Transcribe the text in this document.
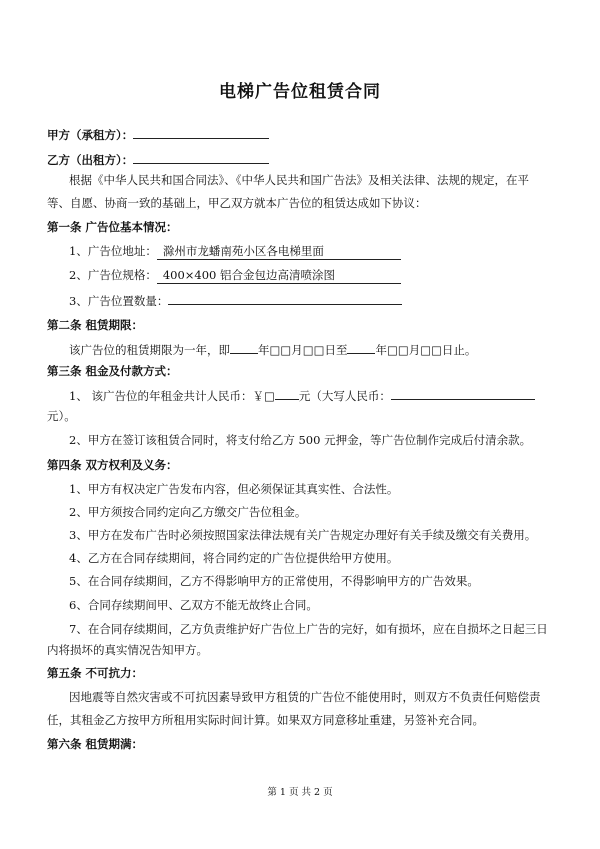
电梯广告位租赁合同
甲方（承租方）：
乙方（出租方）：
根据《中华人民共和国合同法》、《中华人民共和国广告法》及相关法律、法规的规定，在平
等、自愿、协商一致的基础上，甲乙双方就本广告位的租赁达成如下协议：
第一条 广告位基本情况：
1、广告位地址： 滁州市龙蟠南苑小区各电梯里面
2、广告位规格： 400×400 铝合金包边高清喷涂图
3、广告位置数量：
第二条 租赁期限：
该广告位的租赁期限为一年，即 年□□月□□日至 年□□月□□日止。
第三条 租金及付款方式：
1、 该广告位的年租金共计人民币：￥□ 元（大写人民币：
元）。
2、甲方在签订该租赁合同时，将支付给乙方 500 元押金，等广告位制作完成后付清余款。
第四条 双方权利及义务：
1、甲方有权决定广告发布内容，但必须保证其真实性、合法性。
2、甲方须按合同约定向乙方缴交广告位租金。
3、甲方在发布广告时必须按照国家法律法规有关广告规定办理好有关手续及缴交有关费用。
4、乙方在合同存续期间，将合同约定的广告位提供给甲方使用。
5、在合同存续期间，乙方不得影响甲方的正常使用，不得影响甲方的广告效果。
6、合同存续期间甲、乙双方不能无故终止合同。
7、在合同存续期间，乙方负责维护好广告位上广告的完好，如有损坏，应在自损坏之日起三日
内将损坏的真实情况告知甲方。
第五条 不可抗力：
因地震等自然灾害或不可抗因素导致甲方租赁的广告位不能使用时，则双方不负责任何赔偿责
任，其租金乙方按甲方所租用实际时间计算。如果双方同意移址重建，另签补充合同。
第六条 租赁期满：
第 1 页 共 2 页
